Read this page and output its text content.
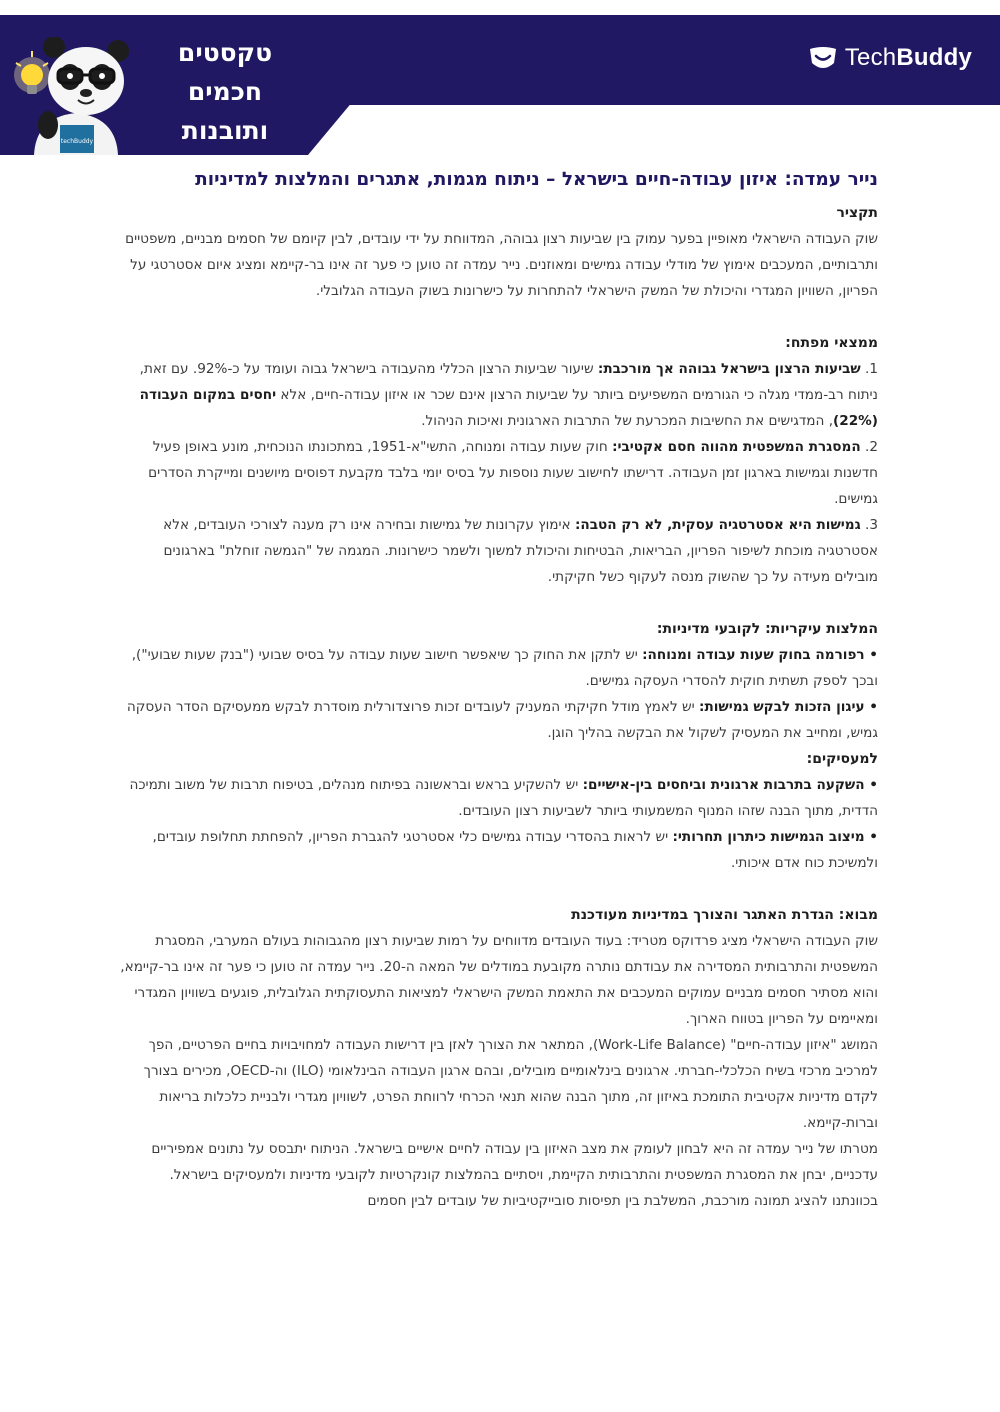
טקסטים
חכמים
ותובנות
techBuddy
TechBuddy
נייר עמדה: איזון עבודה-חיים בישראל – ניתוח מגמות, אתגרים והמלצות למדיניות
תקציר

שוק העבודה הישראלי מאופיין בפער עמוק בין שביעות רצון גבוהה, המדווחת על ידי עובדים, לבין קיומם של חסמים מבניים, משפטיים ותרבותיים, המעכבים אימוץ של מודלי עבודה גמישים ומאוזנים. נייר עמדה זה טוען כי פער זה אינו בר-קיימא ומציג איום אסטרטגי על הפריון, השוויון המגדרי והיכולת של המשק הישראלי להתחרות על כישרונות בשוק העבודה הגלובלי.

ממצאי מפתח:

1. שביעות הרצון בישראל גבוהה אך מורכבת: שיעור שביעות הרצון הכללי מהעבודה בישראל גבוה ועומד על כ-92%. עם זאת, ניתוח רב-ממדי מגלה כי הגורמים המשפיעים ביותר על שביעות הרצון אינם שכר או איזון עבודה-חיים, אלא יחסים במקום העבודה (22%), המדגישים את החשיבות המכרעת של התרבות הארגונית ואיכות הניהול.

2. המסגרת המשפטית מהווה חסם אקטיבי: חוק שעות עבודה ומנוחה, התשי"א-1951, במתכונתו הנוכחית, מונע באופן פעיל חדשנות וגמישות בארגון זמן העבודה. דרישתו לחישוב שעות נוספות על בסיס יומי בלבד מקבעת דפוסים מיושנים ומייקרת הסדרים גמישים.

3. גמישות היא אסטרטגיה עסקית, לא רק הטבה: אימוץ עקרונות של גמישות ובחירה אינו רק מענה לצורכי העובדים, אלא אסטרטגיה מוכחת לשיפור הפריון, הבריאות, הבטיחות והיכולת למשוך ולשמר כישרונות. המגמה של "הגמשה זוחלת" בארגונים מובילים מעידה על כך שהשוק מנסה לעקוף כשל חקיקתי.

המלצות עיקריות: לקובעי מדיניות:

• רפורמה בחוק שעות עבודה ומנוחה: יש לתקן את החוק כך שיאפשר חישוב שעות עבודה על בסיס שבועי ("בנק שעות שבועי"), ובכך לספק תשתית חוקית להסדרי העסקה גמישים.

• עיגון הזכות לבקש גמישות: יש לאמץ מודל חקיקתי המעניק לעובדים זכות פרוצדורלית מוסדרת לבקש ממעסיקם הסדר העסקה גמיש, ומחייב את המעסיק לשקול את הבקשה בהליך הוגן.

למעסיקים:

• השקעה בתרבות ארגונית וביחסים בין-אישיים: יש להשקיע בראש ובראשונה בפיתוח מנהלים, בטיפוח תרבות של משוב ותמיכה הדדית, מתוך הבנה שזהו המנוף המשמעותי ביותר לשביעות רצון העובדים.

• מיצוב הגמישות כיתרון תחרותי: יש לראות בהסדרי עבודה גמישים כלי אסטרטגי להגברת הפריון, להפחתת תחלופת עובדים, ולמשיכת כוח אדם איכותי.

מבוא: הגדרת האתגר והצורך במדיניות מעודכנת

שוק העבודה הישראלי מציג פרדוקס מטריד: בעוד העובדים מדווחים על רמות שביעות רצון מהגבוהות בעולם המערבי, המסגרת המשפטית והתרבותית המסדירה את עבודתם נותרה מקובעת במודלים של המאה ה-20. נייר עמדה זה טוען כי פער זה אינו בר-קיימא, והוא מסתיר חסמים מבניים עמוקים המעכבים את התאמת המשק הישראלי למציאות התעסוקתית הגלובלית, פוגעים בשוויון המגדרי ומאיימים על הפריון בטווח הארוך.

המושג "איזון עבודה-חיים" (Work-Life Balance), המתאר את הצורך לאזן בין דרישות העבודה למחויבויות בחיים הפרטיים, הפך למרכיב מרכזי בשיח הכלכלי-חברתי. ארגונים בינלאומיים מובילים, ובהם ארגון העבודה הבינלאומי (ILO) וה-OECD, מכירים בצורך לקדם מדיניות אקטיבית התומכת באיזון זה, מתוך הבנה שהוא תנאי הכרחי לרווחת הפרט, לשוויון מגדרי ולבניית כלכלות בריאות וברות-קיימא.

מטרתו של נייר עמדה זה היא לבחון לעומק את מצב האיזון בין עבודה לחיים אישיים בישראל. הניתוח יתבסס על נתונים אמפיריים עדכניים, יבחן את המסגרת המשפטית והתרבותית הקיימת, ויסתיים בהמלצות קונקרטיות לקובעי מדיניות ולמעסיקים בישראל. בכוונתנו להציג תמונה מורכבת, המשלבת בין תפיסות סובייקטיביות של עובדים לבין חסמים
